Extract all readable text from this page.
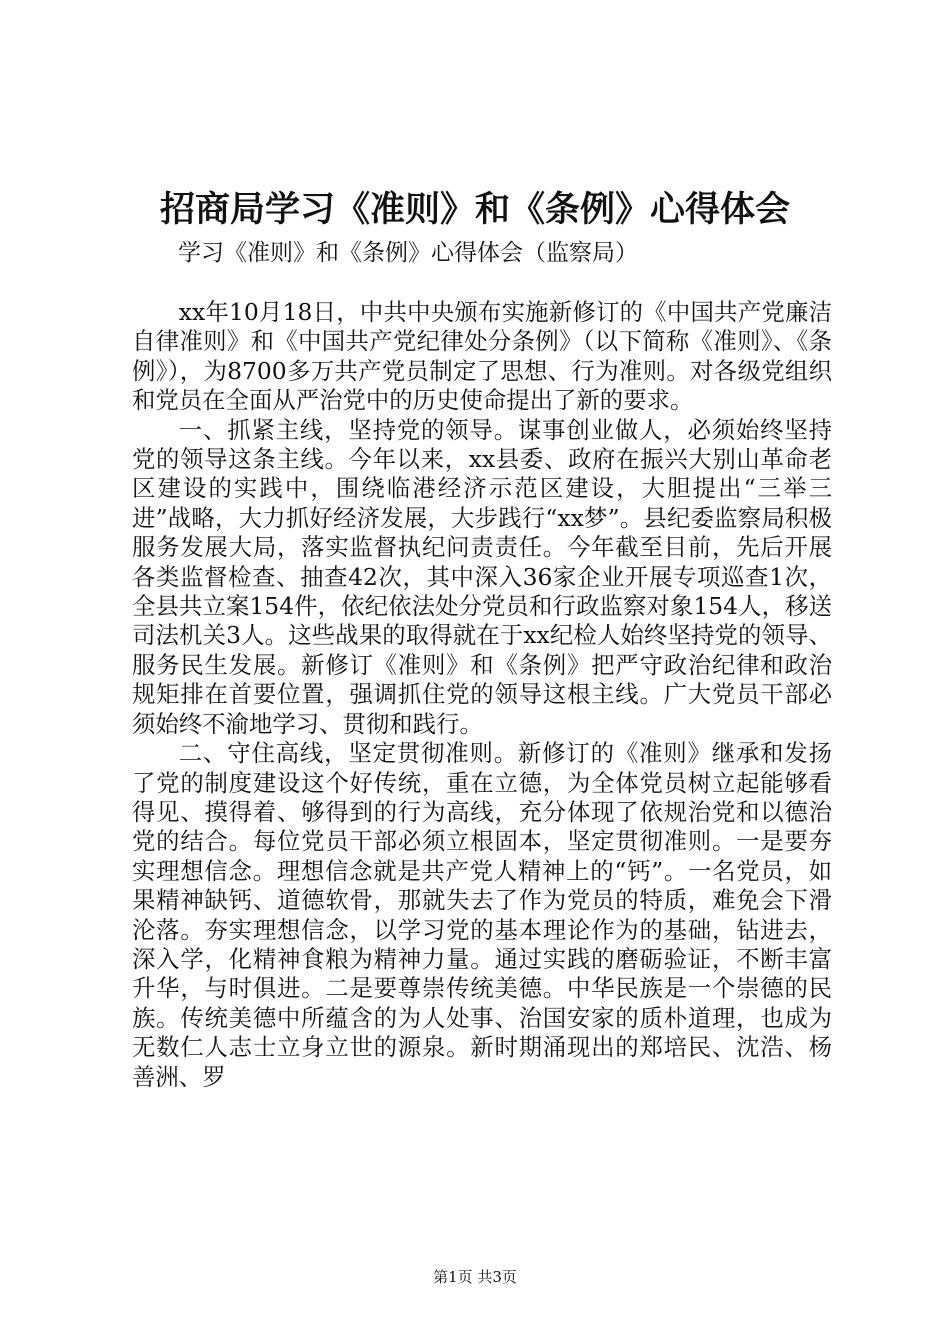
招商局学习《准则》和《条例》心得体会
学习《准则》和《条例》心得体会（监察局）

xx年10月18日，中共中央颁布实施新修订的《中国共产党廉洁自律准则》和《中国共产党纪律处分条例》（以下简称《准则》、《条例》），为8700多万共产党员制定了思想、行为准则。对各级党组织和党员在全面从严治党中的历史使命提出了新的要求。

一、抓紧主线，坚持党的领导。谋事创业做人，必须始终坚持党的领导这条主线。今年以来，xx县委、政府在振兴大别山革命老区建设的实践中，围绕临港经济示范区建设，大胆提出“三举三进”战略，大力抓好经济发展，大步践行“xx梦”。县纪委监察局积极服务发展大局，落实监督执纪问责责任。今年截至目前，先后开展各类监督检查、抽查42次，其中深入36家企业开展专项巡查1次，全县共立案154件，依纪依法处分党员和行政监察对象154人，移送司法机关3人。这些战果的取得就在于xx纪检人始终坚持党的领导、服务民生发展。新修订《准则》和《条例》把严守政治纪律和政治规矩排在首要位置，强调抓住党的领导这根主线。广大党员干部必须始终不渝地学习、贯彻和践行。

二、守住高线，坚定贯彻准则。新修订的《准则》继承和发扬了党的制度建设这个好传统，重在立德，为全体党员树立起能够看得见、摸得着、够得到的行为高线，充分体现了依规治党和以德治党的结合。每位党员干部必须立根固本，坚定贯彻准则。一是要夯实理想信念。理想信念就是共产党人精神上的“钙”。一名党员，如果精神缺钙、道德软骨，那就失去了作为党员的特质，难免会下滑沦落。夯实理想信念，以学习党的基本理论作为的基础，钻进去，深入学，化精神食粮为精神力量。通过实践的磨砺验证，不断丰富升华，与时俱进。二是要尊崇传统美德。中华民族是一个崇德的民族。传统美德中所蕴含的为人处事、治国安家的质朴道理，也成为无数仁人志士立身立世的源泉。新时期涌现出的郑培民、沈浩、杨善洲、罗

第1页 共3页
